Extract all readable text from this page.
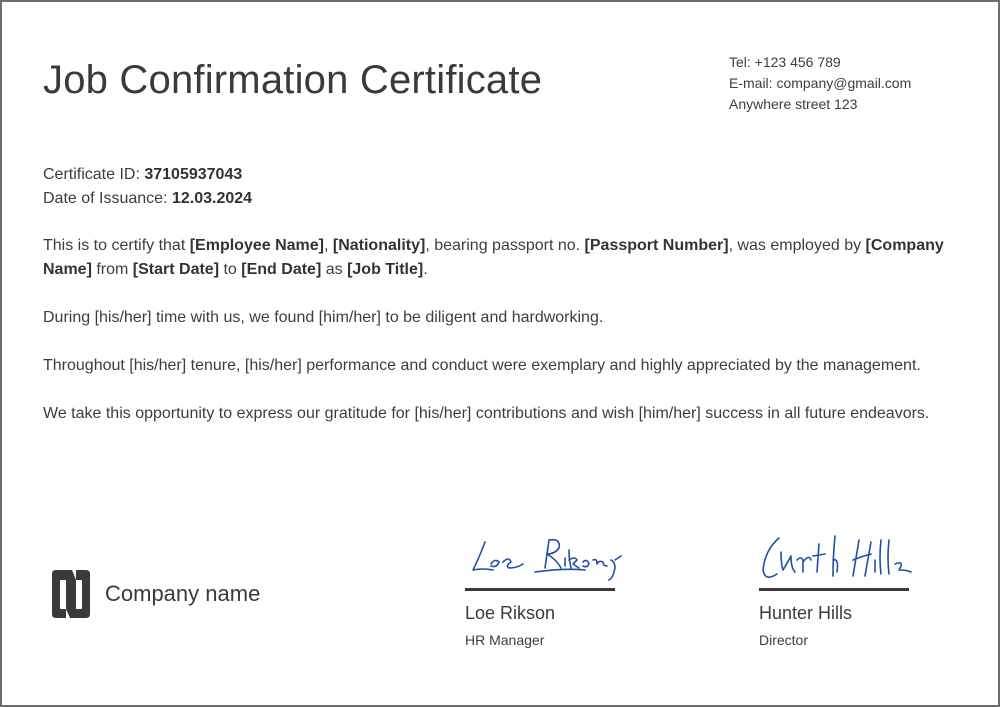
Job Confirmation Certificate	Tel: +123 456 789
E-mail: company@gmail.com
Anywhere street 123
Certificate ID: 37105937043
Date of Issuance: 12.03.2024

This is to certify that [Employee Name], [Nationality], bearing passport no. [Passport Number], was employed by [Company Name] from [Start Date] to [End Date] as [Job Title].

During [his/her] time with us, we found [him/her] to be diligent and hardworking.

Throughout [his/her] tenure, [his/her] performance and conduct were exemplary and highly appreciated by the management.

We take this opportunity to express our gratitude for [his/her] contributions and wish [him/her] success in all future endeavors.

Company name
Loe Rikson
HR Manager
Hunter Hills
Director
